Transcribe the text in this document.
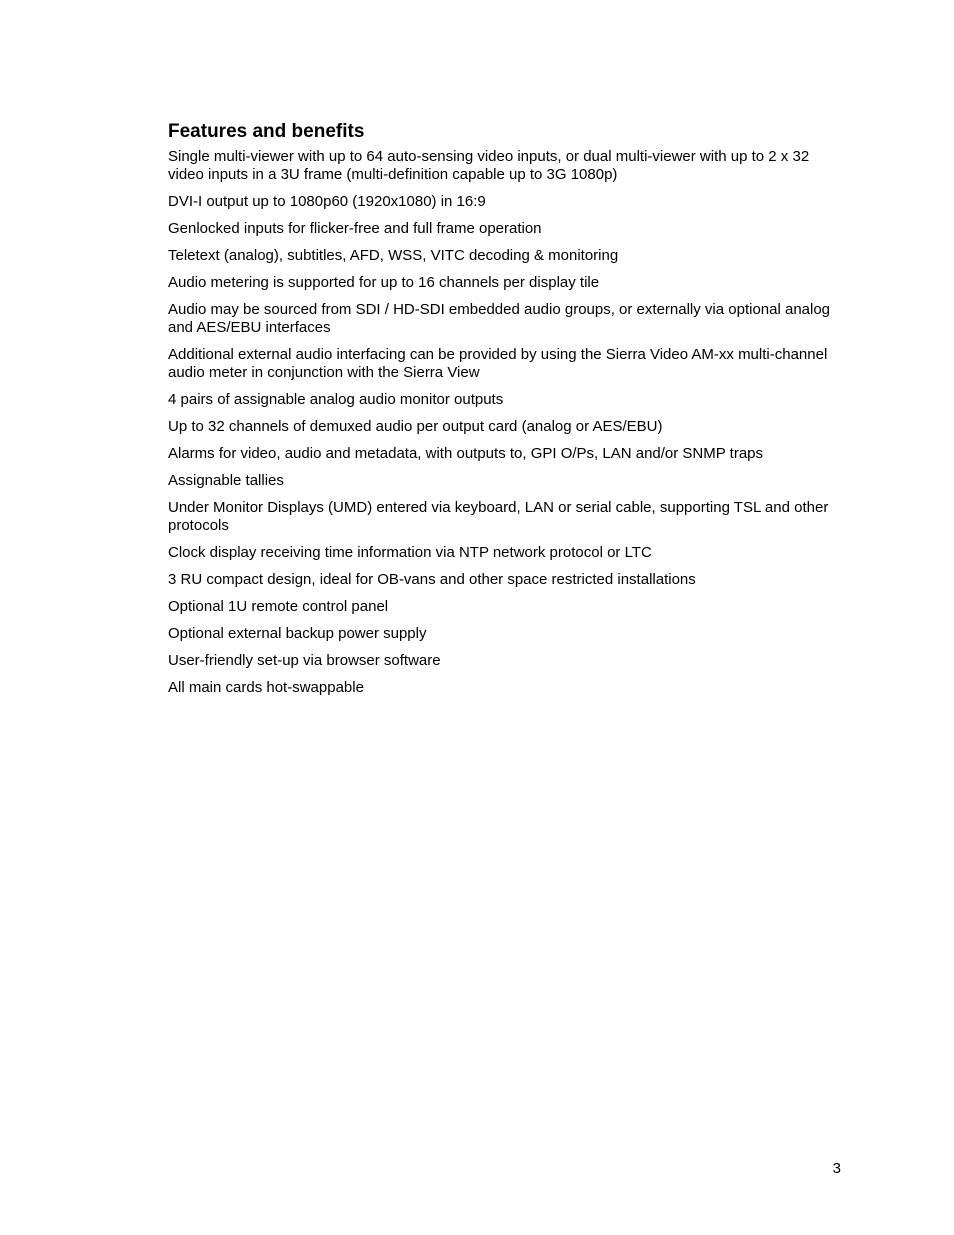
Features and benefits
Single multi-viewer with up to 64 auto-sensing video inputs, or dual multi-viewer with up to 2 x 32 video inputs in a 3U frame (multi-definition capable up to 3G 1080p)
DVI-I output up to 1080p60 (1920x1080) in 16:9
Genlocked inputs for flicker-free and full frame operation
Teletext (analog), subtitles, AFD, WSS, VITC decoding & monitoring
Audio metering is supported for up to 16 channels per display tile
Audio may be sourced from SDI / HD-SDI embedded audio groups, or externally via optional analog and AES/EBU interfaces
Additional external audio interfacing can be provided by using the Sierra Video AM-xx multi-channel audio meter in conjunction with the Sierra View
4 pairs of assignable analog audio monitor outputs
Up to 32 channels of demuxed audio per output card (analog or AES/EBU)
Alarms for video, audio and metadata, with outputs to, GPI O/Ps, LAN and/or SNMP traps
Assignable tallies
Under Monitor Displays (UMD) entered via keyboard, LAN or serial cable, supporting TSL and other protocols
Clock display receiving time information via NTP network protocol or LTC
3 RU compact design, ideal for OB-vans and other space restricted installations
Optional 1U remote control panel
Optional external backup power supply
User-friendly set-up via browser software
All main cards hot-swappable
3
